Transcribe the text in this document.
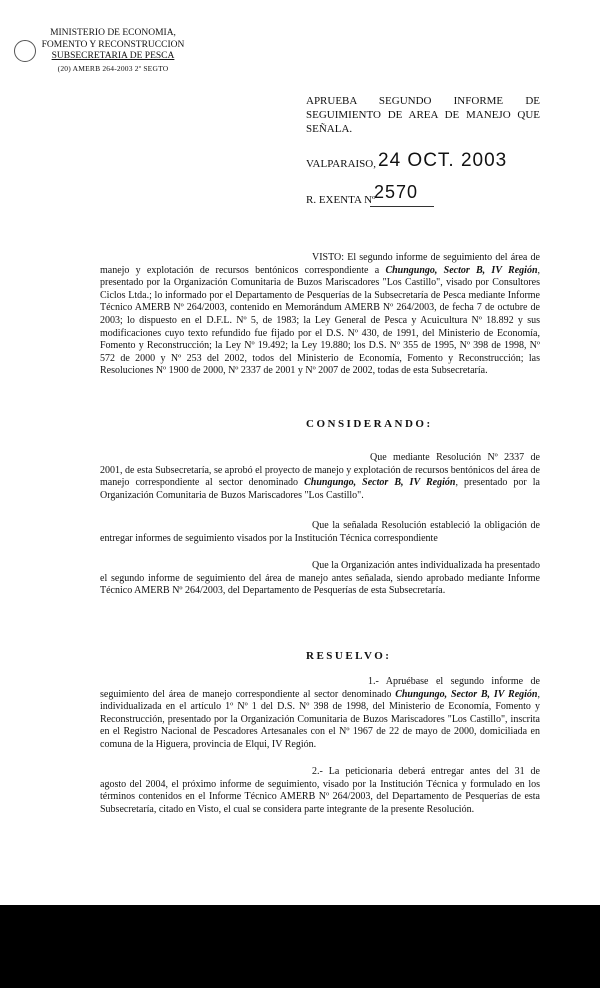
MINISTERIO DE ECONOMIA,
FOMENTO Y RECONSTRUCCION
SUBSECRETARIA DE PESCA
(20) AMERB 264-2003 2º SEGTO
APRUEBA SEGUNDO INFORME DE SEGUIMIENTO DE AREA DE MANEJO QUE SEÑALA.
VALPARAISO, 24 OCT. 2003
R. EXENTA Nº
2570
VISTO: El segundo informe de seguimiento del área de manejo y explotación de recursos bentónicos correspondiente a Chungungo, Sector B, IV Región, presentado por la Organización Comunitaria de Buzos Mariscadores "Los Castillo", visado por Consultores Ciclos Ltda.; lo informado por el Departamento de Pesquerías de la Subsecretaría de Pesca mediante Informe Técnico AMERB Nº 264/2003, contenido en Memorándum AMERB Nº 264/2003, de fecha 7 de octubre de 2003; lo dispuesto en el D.F.L. Nº 5, de 1983; la Ley General de Pesca y Acuicultura Nº 18.892 y sus modificaciones cuyo texto refundido fue fijado por el D.S. Nº 430, de 1991, del Ministerio de Economía, Fomento y Reconstrucción; la Ley Nº 19.492; la Ley 19.880; los D.S. Nº 355 de 1995, Nº 398 de 1998, Nº 572 de 2000 y Nº 253 del 2002, todos del Ministerio de Economía, Fomento y Reconstrucción; las Resoluciones Nº 1900 de 2000, Nº 2337 de 2001 y Nº 2007 de 2002, todas de esta Subsecretaría.
CONSIDERANDO:
Que mediante Resolución Nº 2337 de 2001, de esta Subsecretaría, se aprobó el proyecto de manejo y explotación de recursos bentónicos del área de manejo correspondiente al sector denominado Chungungo, Sector B, IV Región, presentado por la Organización Comunitaria de Buzos Mariscadores "Los Castillo".
Que la señalada Resolución estableció la obligación de entregar informes de seguimiento visados por la Institución Técnica correspondiente
Que la Organización antes individualizada ha presentado el segundo informe de seguimiento del área de manejo antes señalada, siendo aprobado mediante Informe Técnico AMERB Nº 264/2003, del Departamento de Pesquerías de esta Subsecretaría.
RESUELVO:
1.- Apruébase el segundo informe de seguimiento del área de manejo correspondiente al sector denominado Chungungo, Sector B, IV Región, individualizada en el artículo 1º Nº 1 del D.S. Nº 398 de 1998, del Ministerio de Economía, Fomento y Reconstrucción, presentado por la Organización Comunitaria de Buzos Mariscadores "Los Castillo", inscrita en el Registro Nacional de Pescadores Artesanales con el Nº 1967 de 22 de mayo de 2000, domiciliada en comuna de la Higuera, provincia de Elqui, IV Región.
2.- La peticionaria deberá entregar antes del 31 de agosto del 2004, el próximo informe de seguimiento, visado por la Institución Técnica y formulado en los términos contenidos en el Informe Técnico AMERB Nº 264/2003, del Departamento de Pesquerías de esta Subsecretaría, citado en Visto, el cual se considera parte integrante de la presente Resolución.
